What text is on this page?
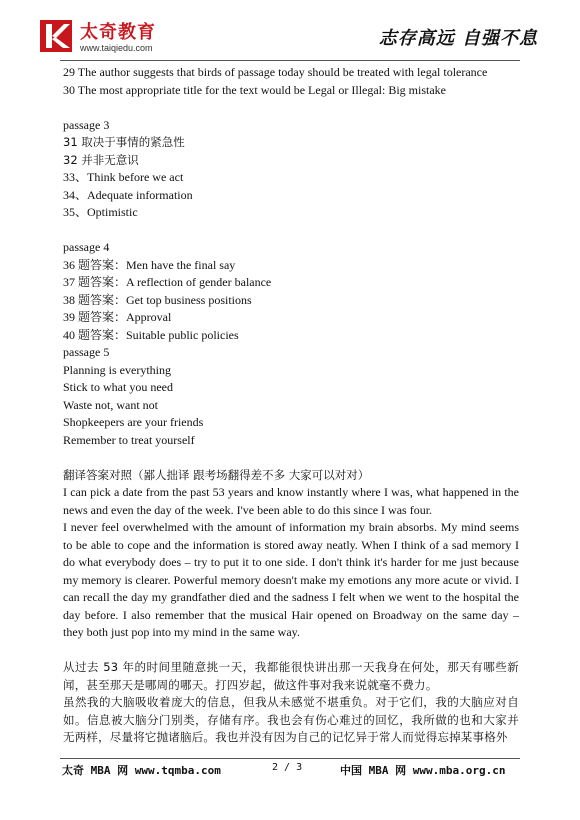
太奇教育
www.taiqiedu.com	志存高远 自强不息
29 The author suggests that birds of passage today should be treated with legal tolerance
30 The most appropriate title for the text would be Legal or Illegal: Big mistake
passage 3
31 取决于事情的紧急性
32 并非无意识
33、Think before we act
34、Adequate information
35、Optimistic
passage 4
36 题答案：Men have the final say
37 题答案：A reflection of gender balance
38 题答案：Get top business positions
39 题答案：Approval
40 题答案：Suitable public policies
passage 5
Planning is everything
Stick to what you need
Waste not, want not
Shopkeepers are your friends
Remember to treat yourself
翻译答案对照（鄙人拙译 跟考场翻得差不多 大家可以对对）
I can pick a date from the past 53 years and know instantly where I was, what happened in the news and even the day of the week. I've been able to do this since I was four.
I never feel overwhelmed with the amount of information my brain absorbs. My mind seems to be able to cope and the information is stored away neatly. When I think of a sad memory I do what everybody does – try to put it to one side. I don't think it's harder for me just because my memory is clearer. Powerful memory doesn't make my emotions any more acute or vivid. I can recall the day my grandfather died and the sadness I felt when we went to the hospital the day before. I also remember that the musical Hair opened on Broadway on the same day – they both just pop into my mind in the same way.
从过去 53 年的时间里随意挑一天，我都能很快讲出那一天我身在何处，那天有哪些新闻，甚至那天是哪周的哪天。打四岁起，做这件事对我来说就毫不费力。
虽然我的大脑吸收着庞大的信息，但我从未感觉不堪重负。对于它们，我的大脑应对自如。信息被大脑分门别类，存储有序。我也会有伤心难过的回忆，我所做的也和大家并无两样，尽量将它抛诸脑后。我也并没有因为自己的记忆异于常人而觉得忘掉某事格外
太奇 MBA 网 www.tqmba.com	2 / 3	中国 MBA 网 www.mba.org.cn
